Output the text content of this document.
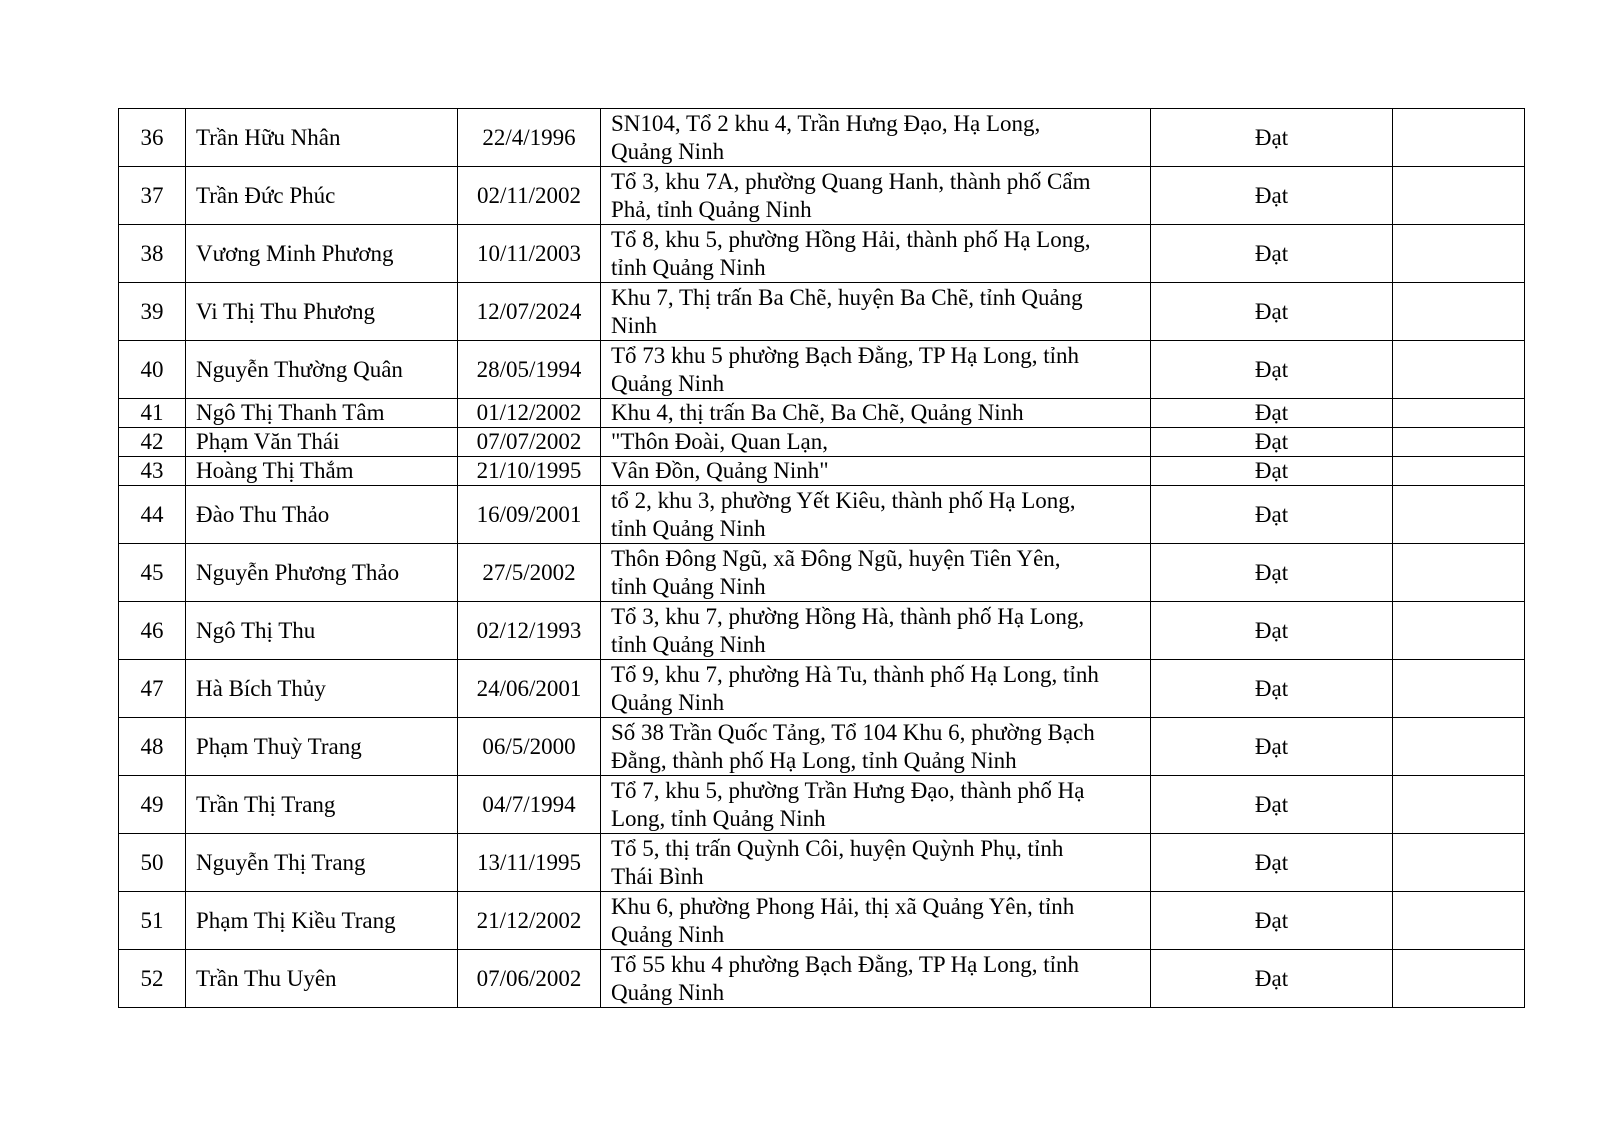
36	Trần Hữu Nhân	22/4/1996	SN104, Tổ 2 khu 4, Trần Hưng Đạo, Hạ Long,
Quảng Ninh	Đạt	
37	Trần Đức Phúc	02/11/2002	Tổ 3, khu 7A, phường Quang Hanh, thành phố Cẩm
Phả, tỉnh Quảng Ninh	Đạt	
38	Vương Minh Phương	10/11/2003	Tổ 8, khu 5, phường Hồng Hải, thành phố Hạ Long,
tỉnh Quảng Ninh	Đạt	
39	Vi Thị Thu Phương	12/07/2024	Khu 7, Thị trấn Ba Chẽ, huyện Ba Chẽ, tỉnh Quảng
Ninh	Đạt	
40	Nguyễn Thường Quân	28/05/1994	Tổ 73 khu 5 phường Bạch Đằng, TP Hạ Long, tỉnh
Quảng Ninh	Đạt	
41	Ngô Thị Thanh Tâm	01/12/2002	Khu 4, thị trấn Ba Chẽ, Ba Chẽ, Quảng Ninh	Đạt	
42	Phạm Văn Thái	07/07/2002	"Thôn Đoài, Quan Lạn,	Đạt	
43	Hoàng Thị Thắm	21/10/1995	Vân Đồn, Quảng Ninh"	Đạt	
44	Đào Thu Thảo	16/09/2001	tổ 2, khu 3, phường Yết Kiêu, thành phố Hạ Long,
tỉnh Quảng Ninh	Đạt	
45	Nguyễn Phương Thảo	27/5/2002	Thôn Đông Ngũ, xã Đông Ngũ, huyện Tiên Yên,
tỉnh Quảng Ninh	Đạt	
46	Ngô Thị Thu	02/12/1993	Tổ 3, khu 7, phường Hồng Hà, thành phố Hạ Long,
tỉnh Quảng Ninh	Đạt	
47	Hà Bích Thủy	24/06/2001	Tổ 9, khu 7, phường Hà Tu, thành phố Hạ Long, tỉnh
Quảng Ninh	Đạt	
48	Phạm Thuỳ Trang	06/5/2000	Số 38 Trần Quốc Tảng, Tổ 104 Khu 6, phường Bạch
Đằng, thành phố Hạ Long, tỉnh Quảng Ninh	Đạt	
49	Trần Thị Trang	04/7/1994	Tổ 7, khu 5, phường Trần Hưng Đạo, thành phố Hạ
Long, tỉnh Quảng Ninh	Đạt	
50	Nguyễn Thị Trang	13/11/1995	Tổ 5, thị trấn Quỳnh Côi, huyện Quỳnh Phụ, tỉnh
Thái Bình	Đạt	
51	Phạm Thị Kiều Trang	21/12/2002	Khu 6, phường Phong Hải, thị xã Quảng Yên, tỉnh
Quảng Ninh	Đạt	
52	Trần Thu Uyên	07/06/2002	Tổ 55 khu 4 phường Bạch Đằng, TP Hạ Long, tỉnh
Quảng Ninh	Đạt	
